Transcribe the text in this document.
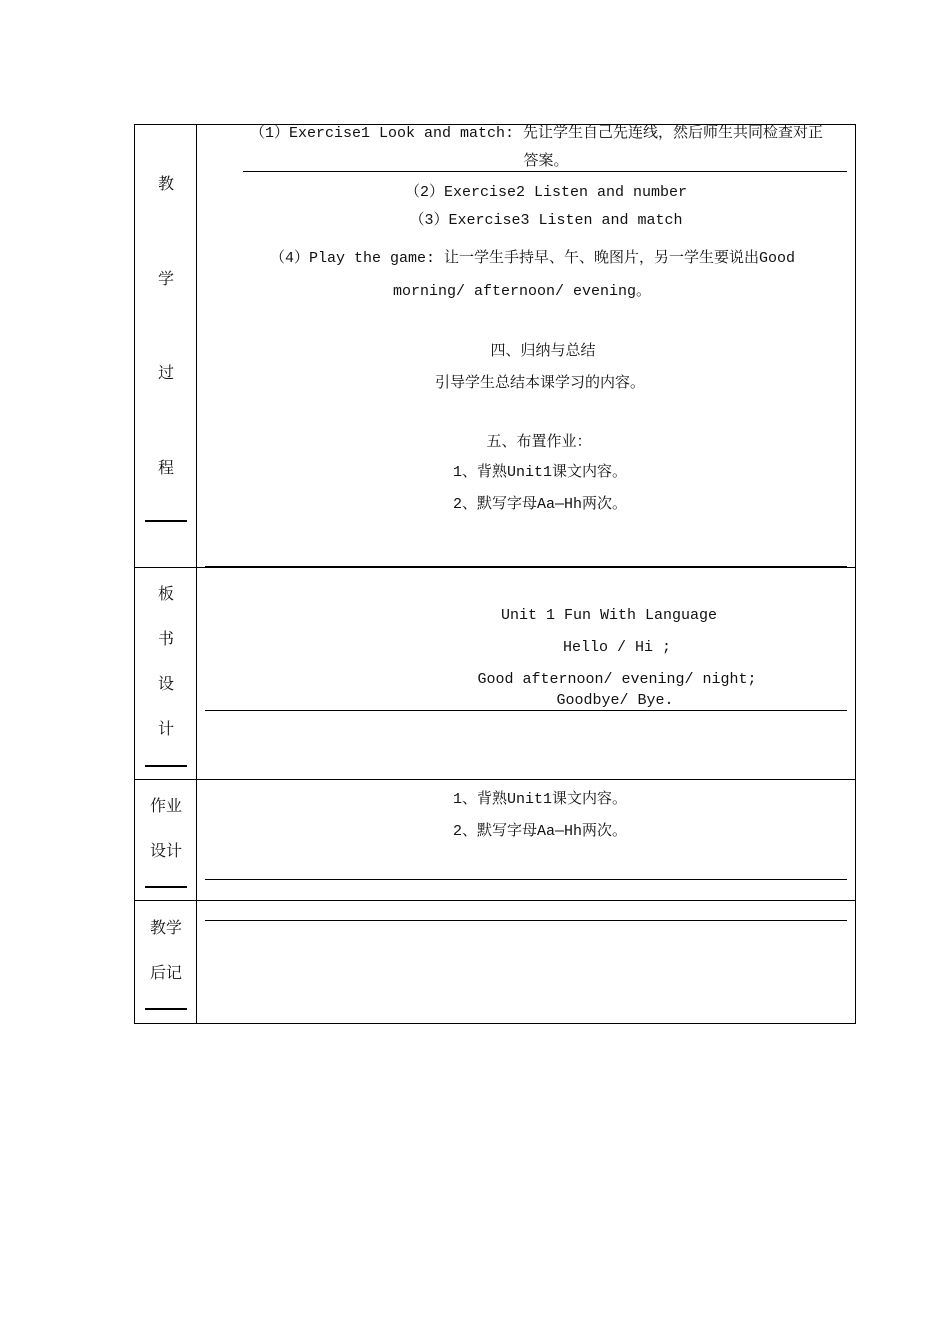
教
学
过
程
（1）Exercise1 Look and match: 先让学生自己先连线，然后师生共同检查对正
答案。
（2）Exercise2 Listen and number
（3）Exercise3 Listen and match
（4）Play the game: 让一学生手持早、午、晚图片，另一学生要说出Good
morning/ afternoon/ evening。
四、归纳与总结
引导学生总结本课学习的内容。
五、布置作业：
1、背熟Unit1课文内容。
2、默写字母Aa—Hh两次。
板
书
设
计
Unit 1 Fun With Language
Hello / Hi ;
Good afternoon/ evening/ night;
Goodbye/ Bye.
作业
设计
1、背熟Unit1课文内容。
2、默写字母Aa—Hh两次。
教学
后记
